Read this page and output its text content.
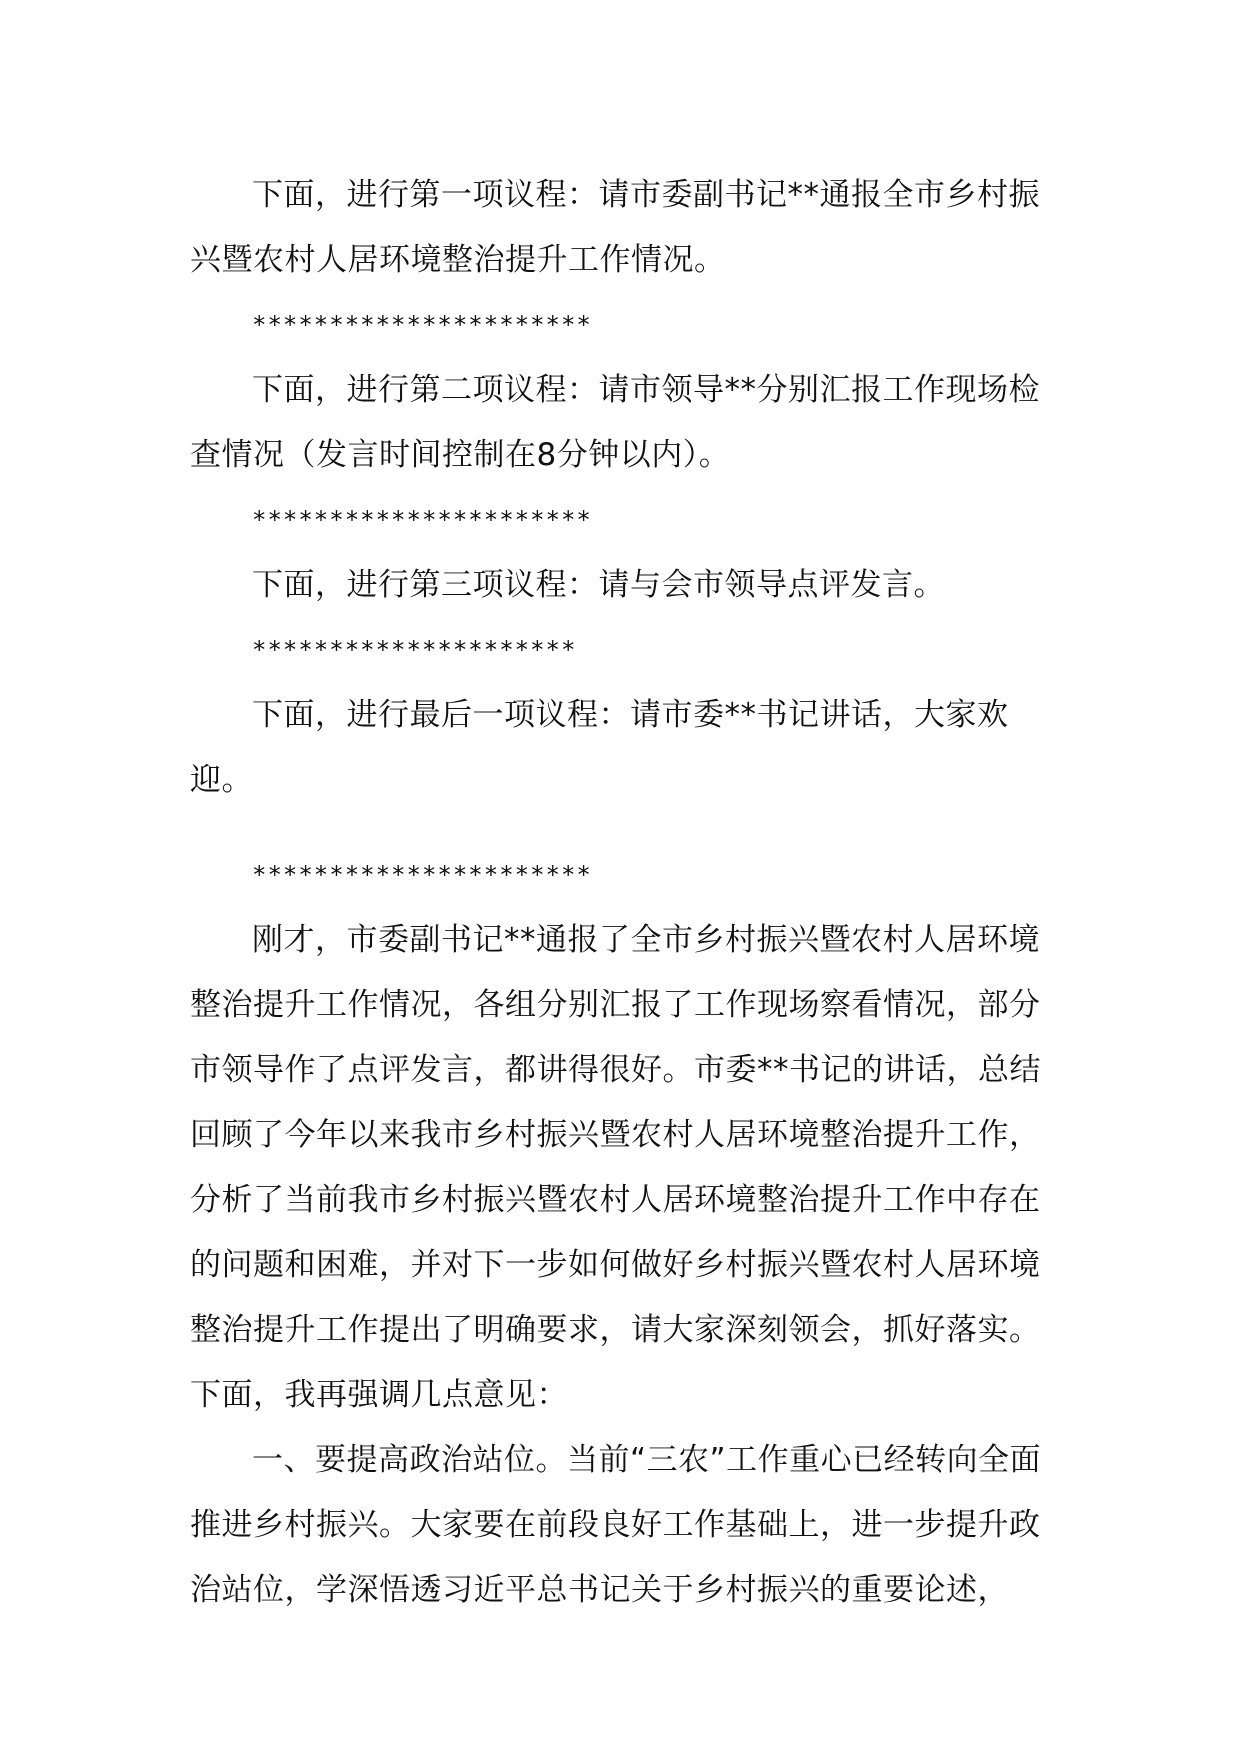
下面，进行第一项议程：请市委副书记**通报全市乡村振兴暨农村人居环境整治提升工作情况。

**********************

下面，进行第二项议程：请市领导**分别汇报工作现场检查情况（发言时间控制在8分钟以内）。

**********************

下面，进行第三项议程：请与会市领导点评发言。

*********************

下面，进行最后一项议程：请市委**书记讲话，大家欢迎。

**********************

刚才，市委副书记**通报了全市乡村振兴暨农村人居环境整治提升工作情况，各组分别汇报了工作现场察看情况，部分市领导作了点评发言，都讲得很好。市委**书记的讲话，总结回顾了今年以来我市乡村振兴暨农村人居环境整治提升工作，分析了当前我市乡村振兴暨农村人居环境整治提升工作中存在的问题和困难，并对下一步如何做好乡村振兴暨农村人居环境整治提升工作提出了明确要求，请大家深刻领会，抓好落实。

下面，我再强调几点意见：

一、要提高政治站位。当前“三农”工作重心已经转向全面推进乡村振兴。大家要在前段良好工作基础上，进一步提升政治站位，学深悟透习近平总书记关于乡村振兴的重要论述，
